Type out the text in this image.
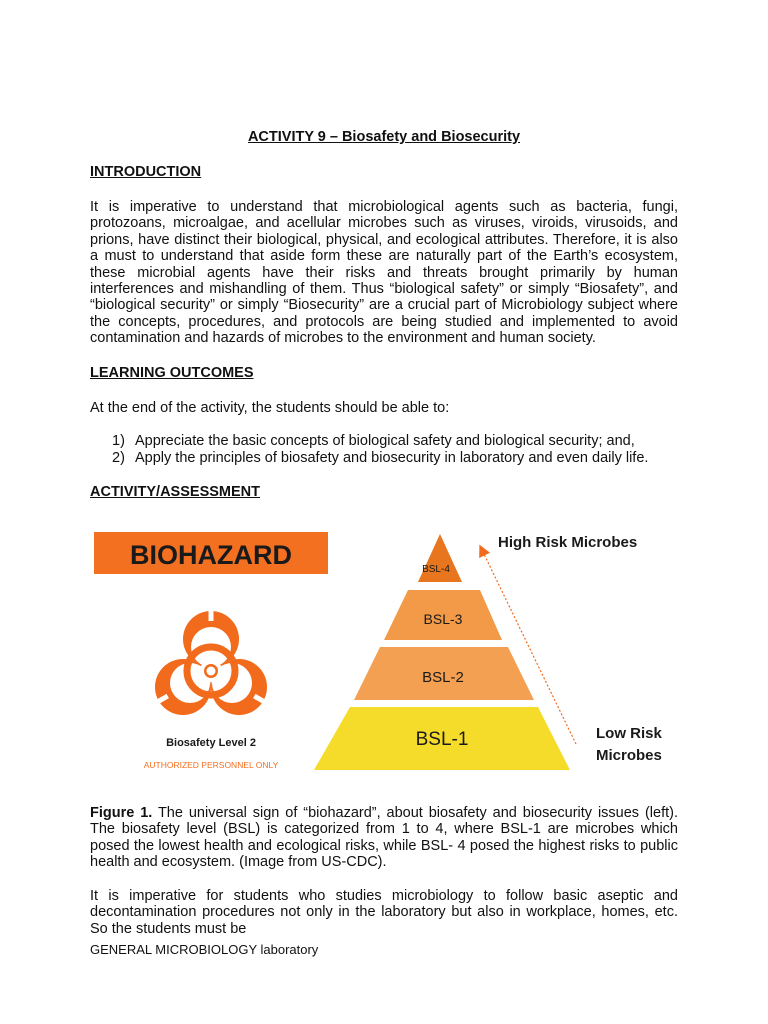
ACTIVITY 9 – Biosafety and Biosecurity
INTRODUCTION

It is imperative to understand that microbiological agents such as bacteria, fungi, protozoans, microalgae, and acellular microbes such as viruses, viroids, virusoids, and prions, have distinct their biological, physical, and ecological attributes. Therefore, it is also a must to understand that aside form these are naturally part of the Earth’s ecosystem, these microbial agents have their risks and threats brought primarily by human interferences and mishandling of them. Thus “biological safety” or simply “Biosafety”, and “biological security” or simply “Biosecurity” are a crucial part of Microbiology subject where the concepts, procedures, and protocols are being studied and implemented to avoid contamination and hazards of microbes to the environment and human society.

LEARNING OUTCOMES

At the end of the activity, the students should be able to:

1) Appreciate the basic concepts of biological safety and biological security; and,
2) Apply the principles of biosafety and biosecurity in laboratory and even daily life.
ACTIVITY/ASSESSMENT
BIOHAZARD
Biosafety Level 2
AUTHORIZED PERSONNEL ONLY
BSL-4
BSL-3
BSL-2
BSL-1
High Risk Microbes
Low Risk
Microbes

Figure 1. The universal sign of “biohazard”, about biosafety and biosecurity issues (left). The biosafety level (BSL) is categorized from 1 to 4, where BSL-1 are microbes which posed the lowest health and ecological risks, while BSL- 4 posed the highest risks to public health and ecosystem. (Image from US-CDC).

It is imperative for students who studies microbiology to follow basic aseptic and decontamination procedures not only in the laboratory but also in workplace, homes, etc. So the students must be

GENERAL MICROBIOLOGY laboratory
